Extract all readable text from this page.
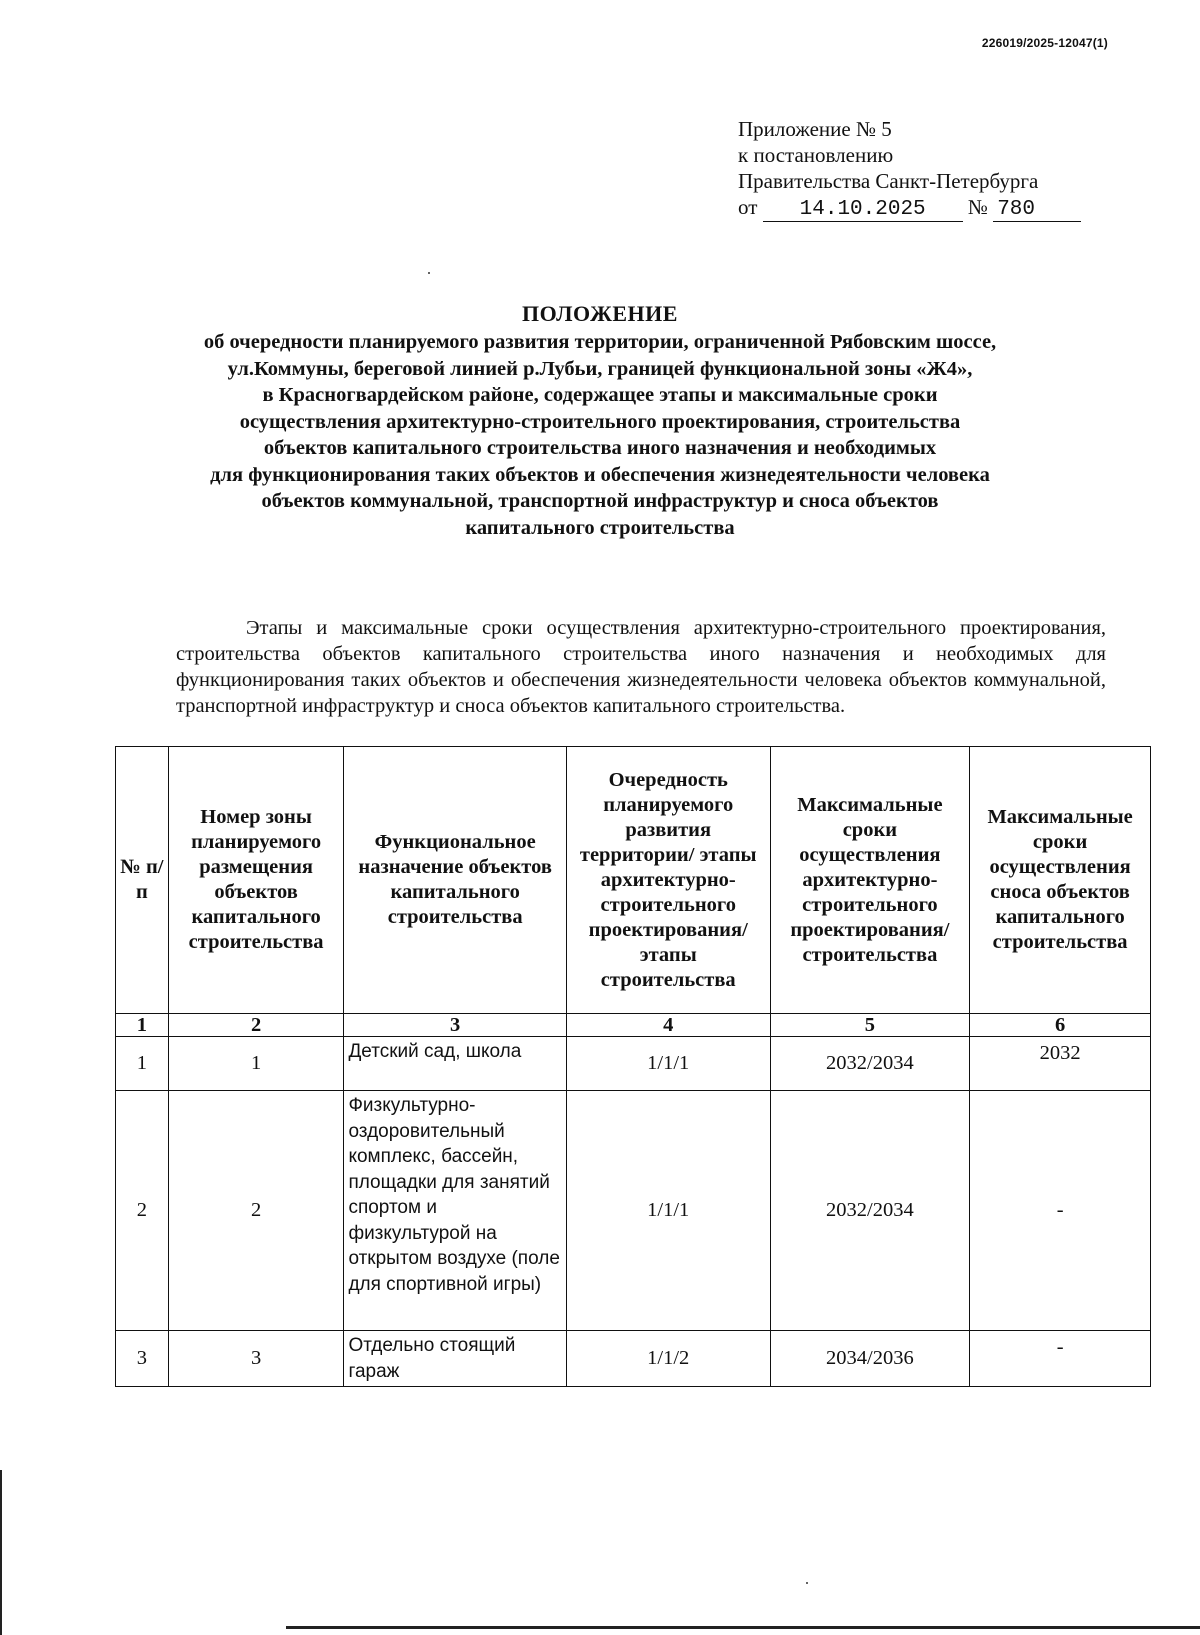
226019/2025-12047(1)
Приложение № 5
к постановлению
Правительства Санкт-Петербурга
от 14.10.2025 № 780
ПОЛОЖЕНИЕ
об очередности планируемого развития территории, ограниченной Рябовским шоссе,
ул.Коммуны, береговой линией р.Лубьи, границей функциональной зоны «Ж4»,
в Красногвардейском районе, содержащее этапы и максимальные сроки
осуществления архитектурно-строительного проектирования, строительства
объектов капитального строительства иного назначения и необходимых
для функционирования таких объектов и обеспечения жизнедеятельности человека
объектов коммунальной, транспортной инфраструктур и сноса объектов
капитального строительства

Этапы и максимальные сроки осуществления архитектурно-строительного проектирования, строительства объектов капитального строительства иного назначения и необходимых для функционирования таких объектов и обеспечения жизнедеятельности человека объектов коммунальной, транспортной инфраструктур и сноса объектов капитального строительства.

№ п/п	Номер зоны планируемого размещения объектов капитального строительства	Функциональное назначение объектов капитального строительства	Очередность планируемого развития территории/ этапы архитектурно-строительного проектирования/ этапы строительства	Максимальные сроки осуществления архитектурно-строительного проектирования/ строительства	Максимальные сроки осуществления сноса объектов капитального строительства
1	2	3	4	5	6
1	1	Детский сад, школа	1/1/1	2032/2034	2032
2	2	Физкультурно-оздоровительный комплекс, бассейн, площадки для занятий спортом и физкультурой на открытом воздухе (поле для спортивной игры)	1/1/1	2032/2034	-
3	3	Отдельно стоящий гараж	1/1/2	2034/2036	-
